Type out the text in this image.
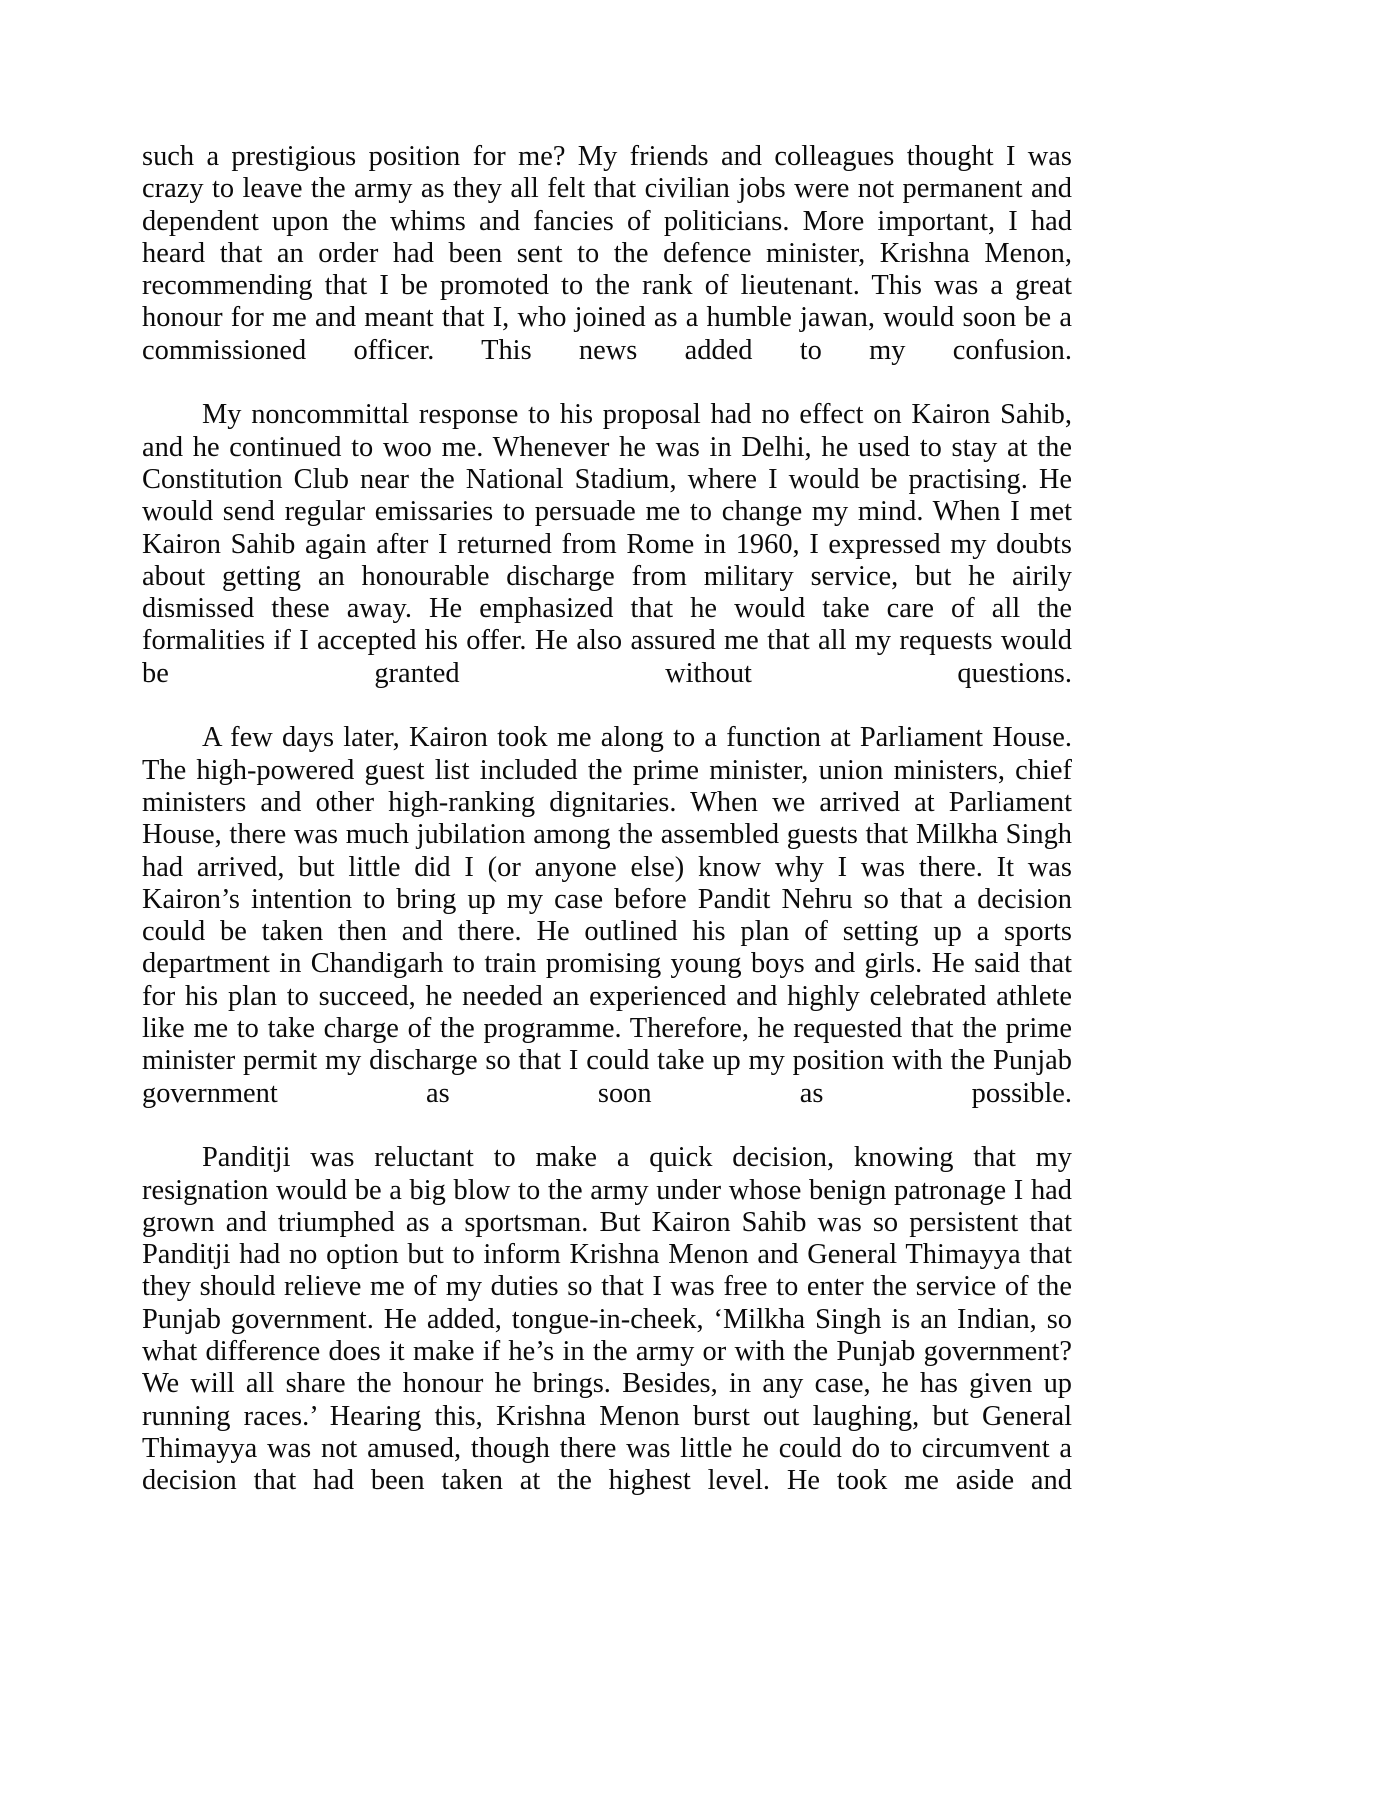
such a prestigious position for me? My friends and colleagues thought I was crazy to leave the army as they all felt that civilian jobs were not permanent and dependent upon the whims and fancies of politicians. More important, I had heard that an order had been sent to the defence minister, Krishna Menon, recommending that I be promoted to the rank of lieutenant. This was a great honour for me and meant that I, who joined as a humble jawan, would soon be a commissioned officer. This news added to my confusion.

My noncommittal response to his proposal had no effect on Kairon Sahib, and he continued to woo me. Whenever he was in Delhi, he used to stay at the Constitution Club near the National Stadium, where I would be practising. He would send regular emissaries to persuade me to change my mind. When I met Kairon Sahib again after I returned from Rome in 1960, I expressed my doubts about getting an honourable discharge from military service, but he airily dismissed these away. He emphasized that he would take care of all the formalities if I accepted his offer. He also assured me that all my requests would be granted without questions.

A few days later, Kairon took me along to a function at Parliament House. The high-powered guest list included the prime minister, union ministers, chief ministers and other high-ranking dignitaries. When we arrived at Parliament House, there was much jubilation among the assembled guests that Milkha Singh had arrived, but little did I (or anyone else) know why I was there. It was Kairon’s intention to bring up my case before Pandit Nehru so that a decision could be taken then and there. He outlined his plan of setting up a sports department in Chandigarh to train promising young boys and girls. He said that for his plan to succeed, he needed an experienced and highly celebrated athlete like me to take charge of the programme. Therefore, he requested that the prime minister permit my discharge so that I could take up my position with the Punjab government as soon as possible.

Panditji was reluctant to make a quick decision, knowing that my resignation would be a big blow to the army under whose benign patronage I had grown and triumphed as a sportsman. But Kairon Sahib was so persistent that Panditji had no option but to inform Krishna Menon and General Thimayya that they should relieve me of my duties so that I was free to enter the service of the Punjab government. He added, tongue-in-cheek, ‘Milkha Singh is an Indian, so what difference does it make if he’s in the army or with the Punjab government? We will all share the honour he brings. Besides, in any case, he has given up running races.’ Hearing this, Krishna Menon burst out laughing, but General Thimayya was not amused, though there was little he could do to circumvent a decision that had been taken at the highest level. He took me aside and
